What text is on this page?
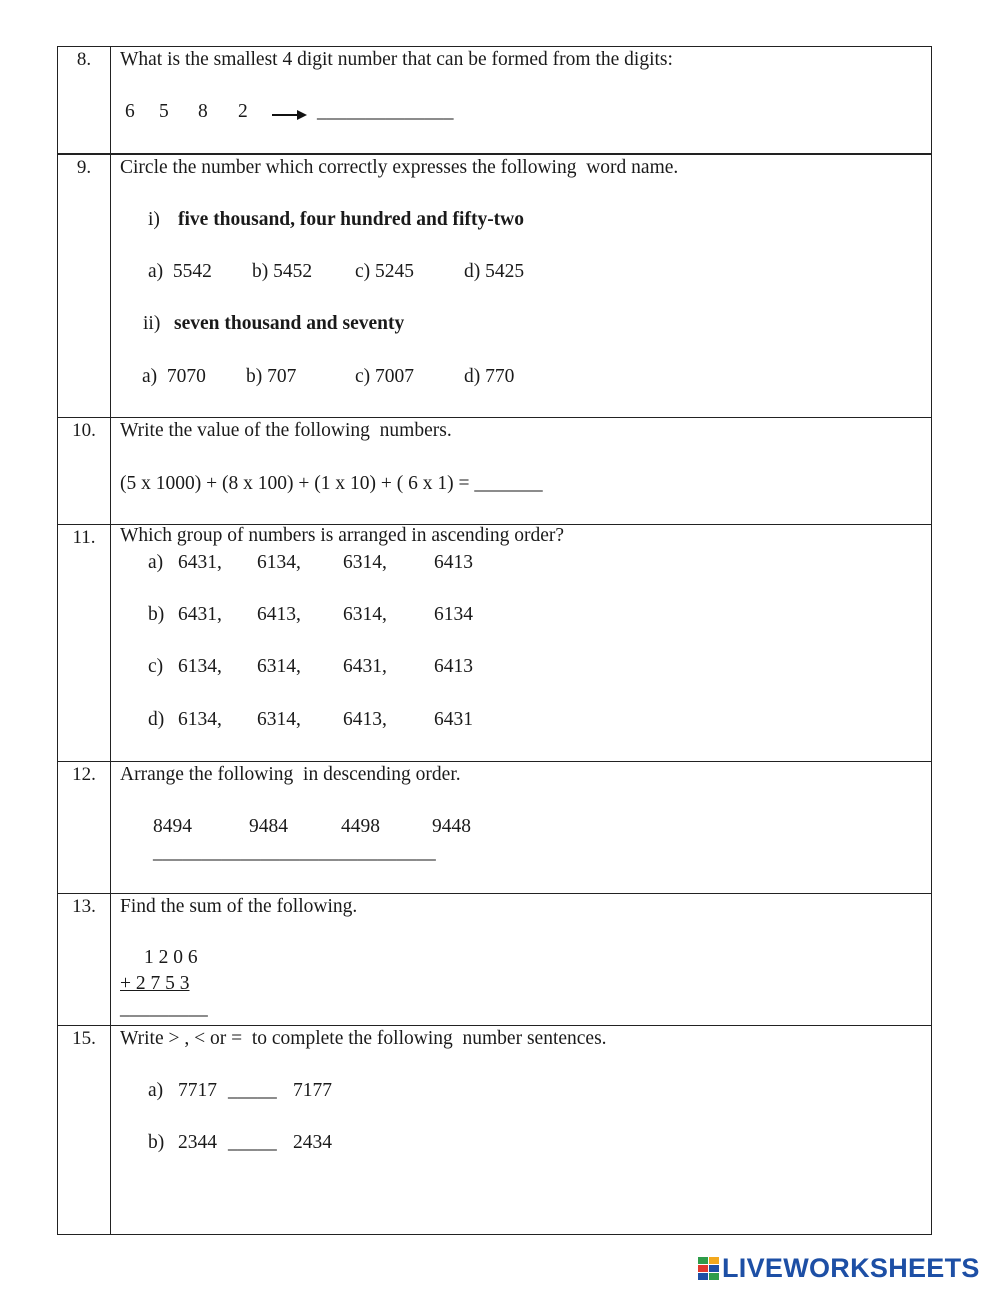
8.	What is the smallest 4 digit number that can be formed from the digits:
6 5 8 2	______________
9.	Circle the number which correctly expresses the following  word name.
i) five thousand, four hundred and fifty-two
a)  5542 b) 5452 c) 5245	d) 5425
ii) seven thousand and seventy
a)  7070 b) 707	c) 7007	d) 770
10.	Write the value of the following  numbers.
(5 x 1000) + (8 x 100) + (1 x 10) + ( 6 x 1) = _______
11.	Which group of numbers is arranged in ascending order?
a) 6431, 6134, 6314, 6413
b) 6431, 6413, 6314, 6134
c) 6134, 6314, 6431, 6413
d) 6134, 6314, 6413, 6431
12.	Arrange the following  in descending order.
8494	9484	4498	9448
_____________________________
13.	Find the sum of the following.
1 2 0 6
+ 2 7 5 3
_________
15.	Write > , < or =  to complete the following  number sentences.
a) 7717 _____ 7177
b) 2344 _____ 2434
LIVEWORKSHEETS
